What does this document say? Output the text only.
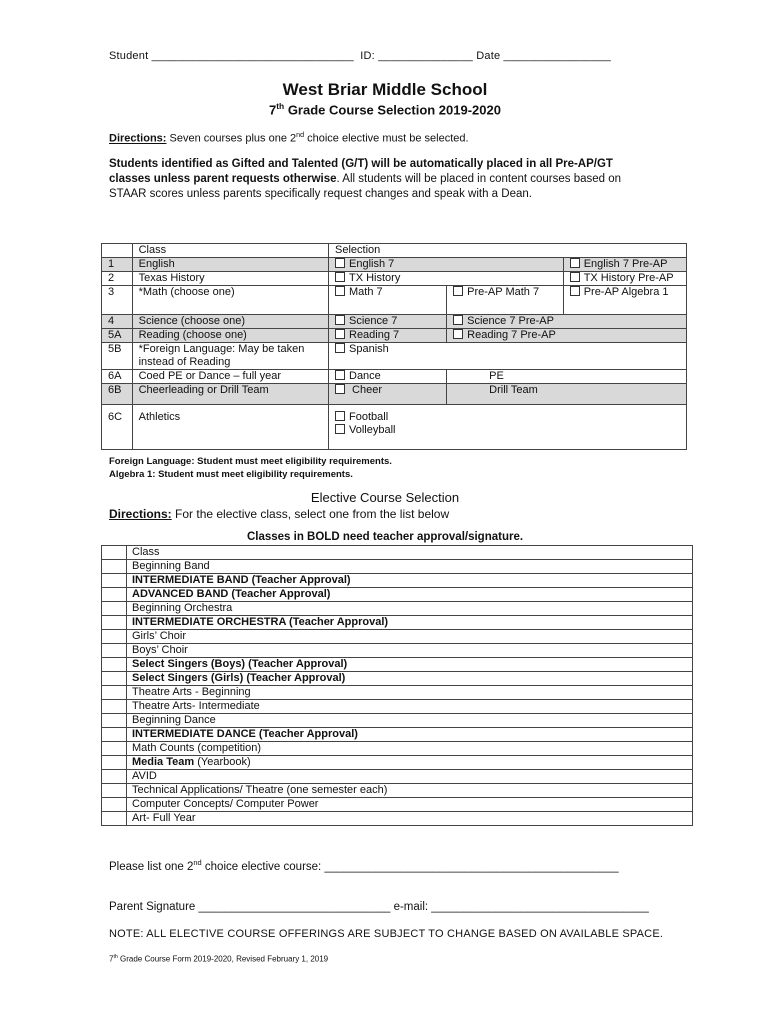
Student ________________________________ ID: _______________ Date _________________
West Briar Middle School
7th Grade Course Selection 2019-2020
Directions: Seven courses plus one 2nd choice elective must be selected.
Students identified as Gifted and Talented (G/T) will be automatically placed in all Pre-AP/GT classes unless parent requests otherwise. All students will be placed in content courses based on STAAR scores unless parents specifically request changes and speak with a Dean.
	Class	Selection		
1	English	English 7		English 7 Pre-AP
2	Texas History	TX History		TX History Pre-AP
3	*Math (choose one)	Math 7	Pre-AP Math 7	Pre-AP Algebra 1
4	Science (choose one)	Science 7	Science 7 Pre-AP	
5A	Reading (choose one)	Reading 7	Reading 7 Pre-AP	
5B	*Foreign Language: May be taken instead of Reading	Spanish		
6A	Coed PE or Dance – full year	Dance	PE	
6B	Cheerleading or Drill Team	Cheer	Drill Team	
6C	Athletics	Football
Volleyball		
Foreign Language: Student must meet eligibility requirements.
Algebra 1: Student must meet eligibility requirements.
Elective Course Selection
Directions: For the elective class, select one from the list below
Classes in BOLD need teacher approval/signature.
	Class
	Beginning Band
	INTERMEDIATE BAND (Teacher Approval)
	ADVANCED BAND (Teacher Approval)
	Beginning Orchestra
	INTERMEDIATE ORCHESTRA (Teacher Approval)
	Girls’ Choir
	Boys’ Choir
	Select Singers (Boys) (Teacher Approval)
	Select Singers (Girls) (Teacher Approval)
	Theatre Arts - Beginning
	Theatre Arts- Intermediate
	Beginning Dance
	INTERMEDIATE DANCE (Teacher Approval)
	Math Counts (competition)
	Media Team (Yearbook)
	AVID
	Technical Applications/ Theatre (one semester each)
	Computer Concepts/ Computer Power
	Art- Full Year
Please list one 2nd choice elective course: ______________________________________________
Parent Signature ______________________________ e-mail: __________________________________
NOTE: ALL ELECTIVE COURSE OFFERINGS ARE SUBJECT TO CHANGE BASED ON AVAILABLE SPACE.
7th Grade Course Form 2019-2020, Revised February 1, 2019
